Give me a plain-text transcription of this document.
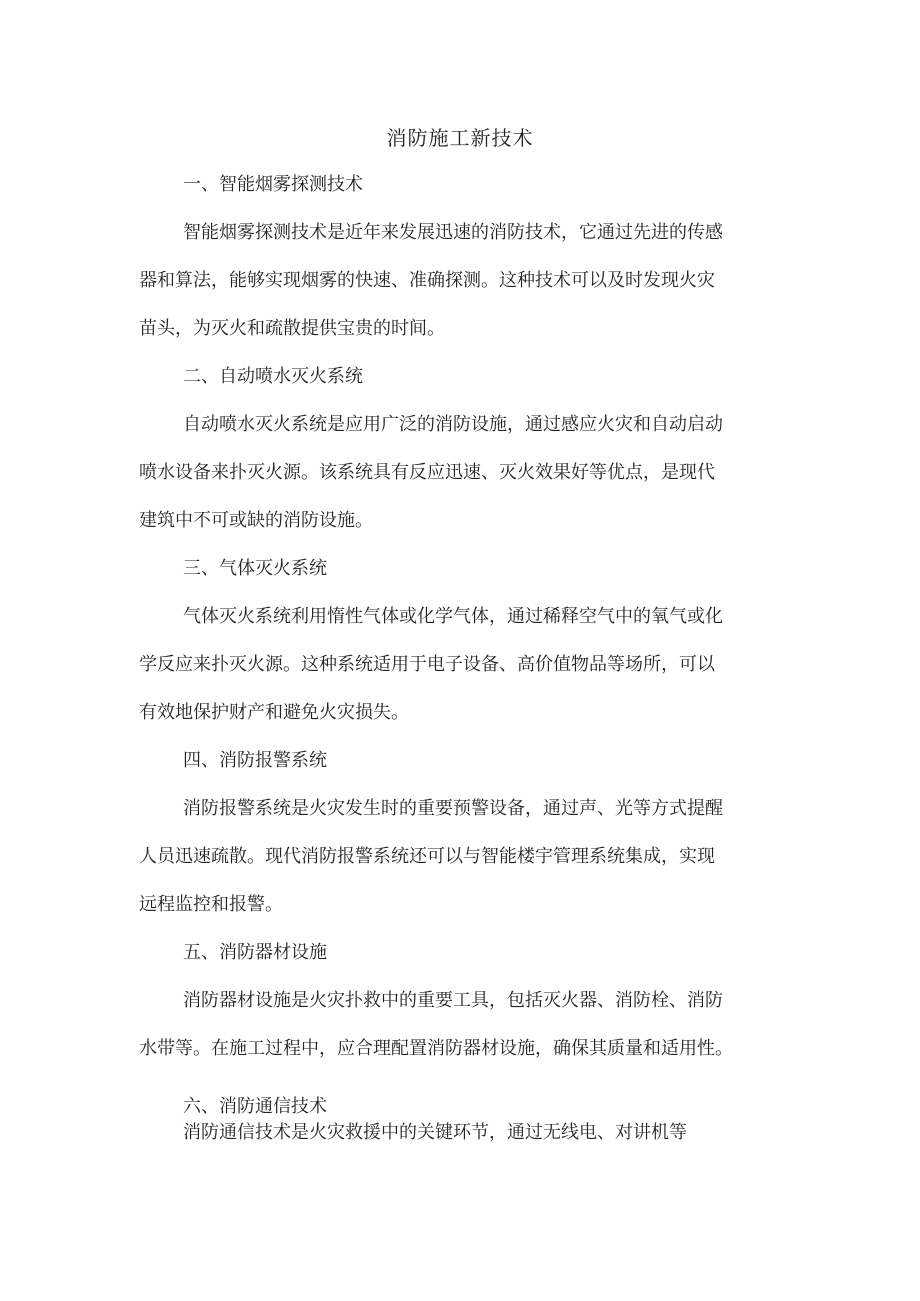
消防施工新技术
一、智能烟雾探测技术
智能烟雾探测技术是近年来发展迅速的消防技术，它通过先进的传感
器和算法，能够实现烟雾的快速、准确探测。这种技术可以及时发现火灾
苗头，为灭火和疏散提供宝贵的时间。
二、自动喷水灭火系统
自动喷水灭火系统是应用广泛的消防设施，通过感应火灾和自动启动
喷水设备来扑灭火源。该系统具有反应迅速、灭火效果好等优点，是现代
建筑中不可或缺的消防设施。
三、气体灭火系统
气体灭火系统利用惰性气体或化学气体，通过稀释空气中的氧气或化
学反应来扑灭火源。这种系统适用于电子设备、高价值物品等场所，可以
有效地保护财产和避免火灾损失。
四、消防报警系统
消防报警系统是火灾发生时的重要预警设备，通过声、光等方式提醒
人员迅速疏散。现代消防报警系统还可以与智能楼宇管理系统集成，实现
远程监控和报警。
五、消防器材设施
消防器材设施是火灾扑救中的重要工具，包括灭火器、消防栓、消防
水带等。在施工过程中，应合理配置消防器材设施，确保其质量和适用性。
六、消防通信技术
消防通信技术是火灾救援中的关键环节，通过无线电、对讲机等
